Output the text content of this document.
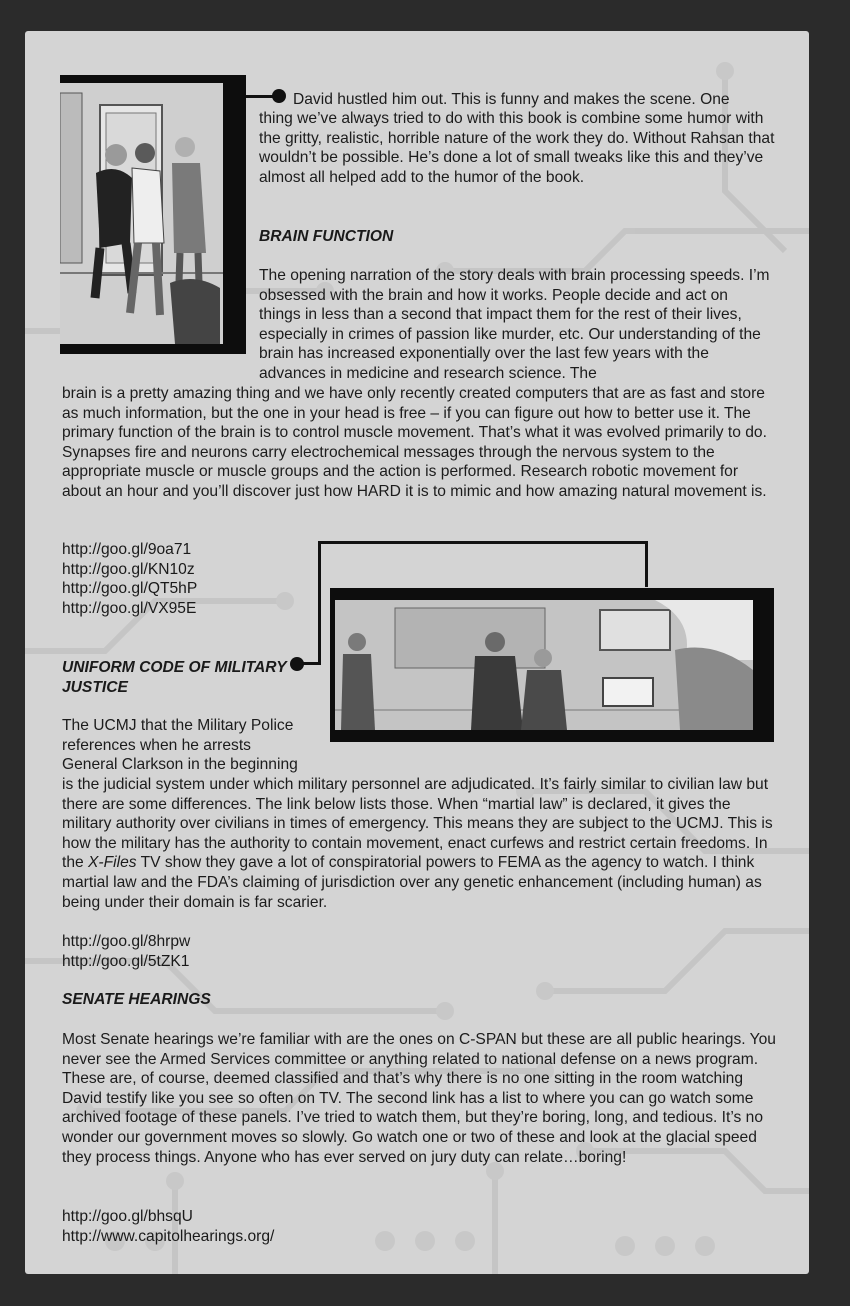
David hustled him out. This is funny and makes the scene. One

thing we’ve always tried to do with this book is combine some humor with the gritty, realistic, horrible nature of the work they do. Without Rahsan that wouldn’t be possible. He’s done a lot of small tweaks like this and they’ve almost all helped add to the humor of the book.

BRAIN FUNCTION

The opening narration of the story deals with brain processing speeds. I’m obsessed with the brain and how it works. People decide and act on things in less than a second that impact them for the rest of their lives, especially in crimes of passion like murder, etc. Our understanding of the brain has increased exponentially over the last few years with the advances in medicine and research science. The

brain is a pretty amazing thing and we have only recently created computers that are as fast and store as much information, but the one in your head is free – if you can figure out how to better use it. The primary function of the brain is to control muscle movement. That’s what it was evolved primarily to do. Synapses fire and neurons carry electrochemical messages through the nervous system to the appropriate muscle or muscle groups and the action is performed. Research robotic movement for about an hour and you’ll discover just how HARD it is to mimic and how amazing natural movement is.

http://goo.gl/9oa71
http://goo.gl/KN10z
http://goo.gl/QT5hP
http://goo.gl/VX95E

UNIFORM CODE OF MILITARY
JUSTICE

The UCMJ that the Military Police
references when he arrests
General Clarkson in the beginning

is the judicial system under which military personnel are adjudicated. It’s fairly similar to civilian law but there are some differences. The link below lists those. When “martial law” is declared, it gives the military authority over civilians in times of emergency. This means they are subject to the UCMJ. This is how the military has the authority to contain movement, enact curfews and restrict certain freedoms. In the X-Files TV show they gave a lot of conspiratorial powers to FEMA as the agency to watch. I think martial law and the FDA’s claiming of jurisdiction over any genetic enhancement (including human) as being under their domain is far scarier.

http://goo.gl/8hrpw
http://goo.gl/5tZK1

SENATE HEARINGS

Most Senate hearings we’re familiar with are the ones on C-SPAN but these are all public hearings. You never see the Armed Services committee or anything related to national defense on a news program. These are, of course, deemed classified and that’s why there is no one sitting in the room watching David testify like you see so often on TV. The second link has a list to where you can go watch some archived footage of these panels. I’ve tried to watch them, but they’re boring, long, and tedious. It’s no wonder our government moves so slowly. Go watch one or two of these and look at the glacial speed they process things. Anyone who has ever served on jury duty can relate…boring!

http://goo.gl/bhsqU
http://www.capitolhearings.org/
